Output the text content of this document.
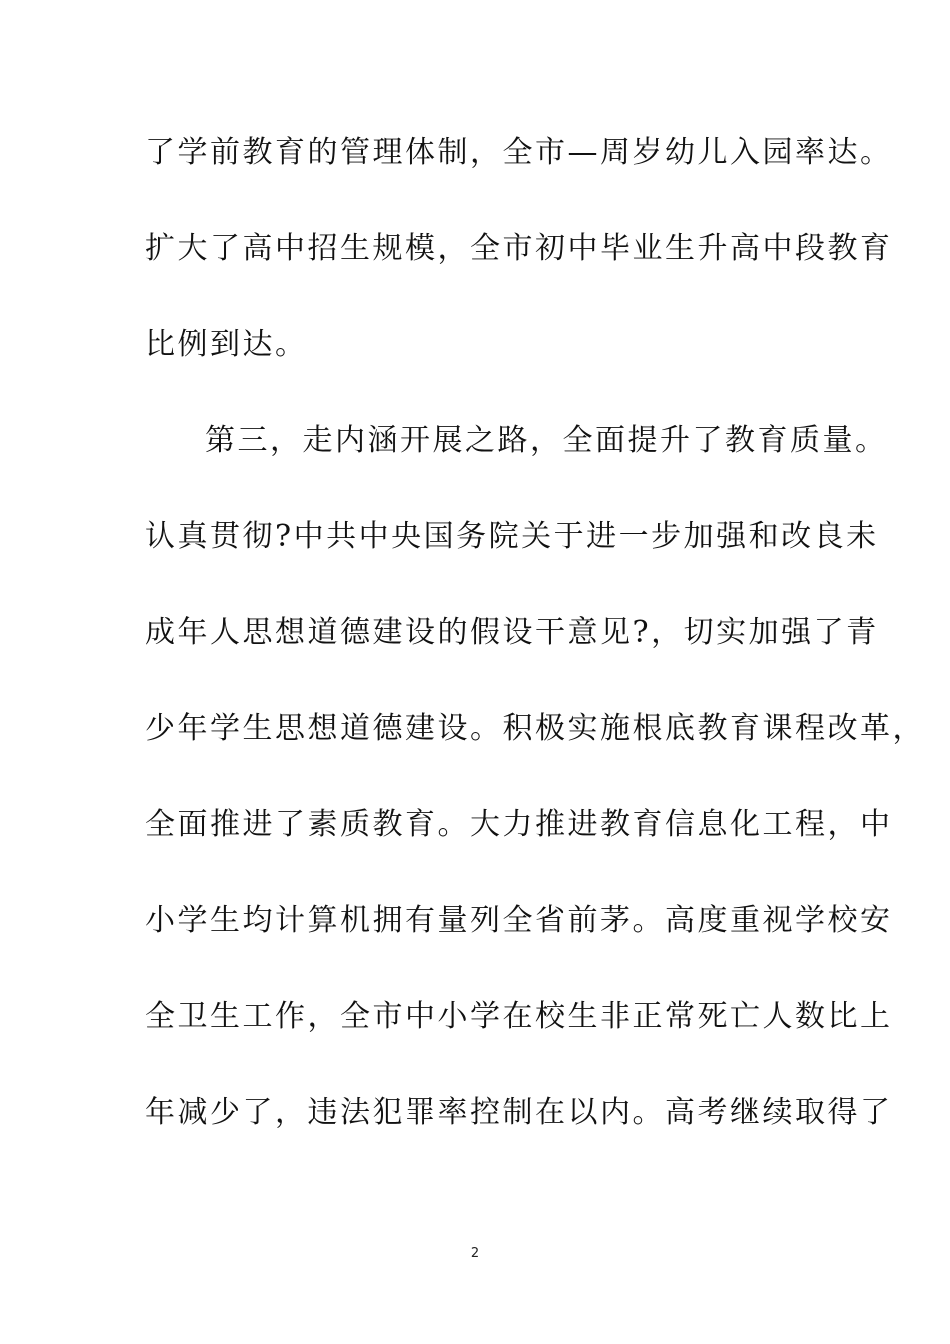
了学前教育的管理体制，全市—周岁幼儿入园率达。
扩大了高中招生规模，全市初中毕业生升高中段教育
比例到达。
第三，走内涵开展之路，全面提升了教育质量。
认真贯彻?中共中央国务院关于进一步加强和改良未
成年人思想道德建设的假设干意见?，切实加强了青
少年学生思想道德建设。积极实施根底教育课程改革，
全面推进了素质教育。大力推进教育信息化工程，中
小学生均计算机拥有量列全省前茅。高度重视学校安
全卫生工作，全市中小学在校生非正常死亡人数比上
年减少了，违法犯罪率控制在以内。高考继续取得了
2
